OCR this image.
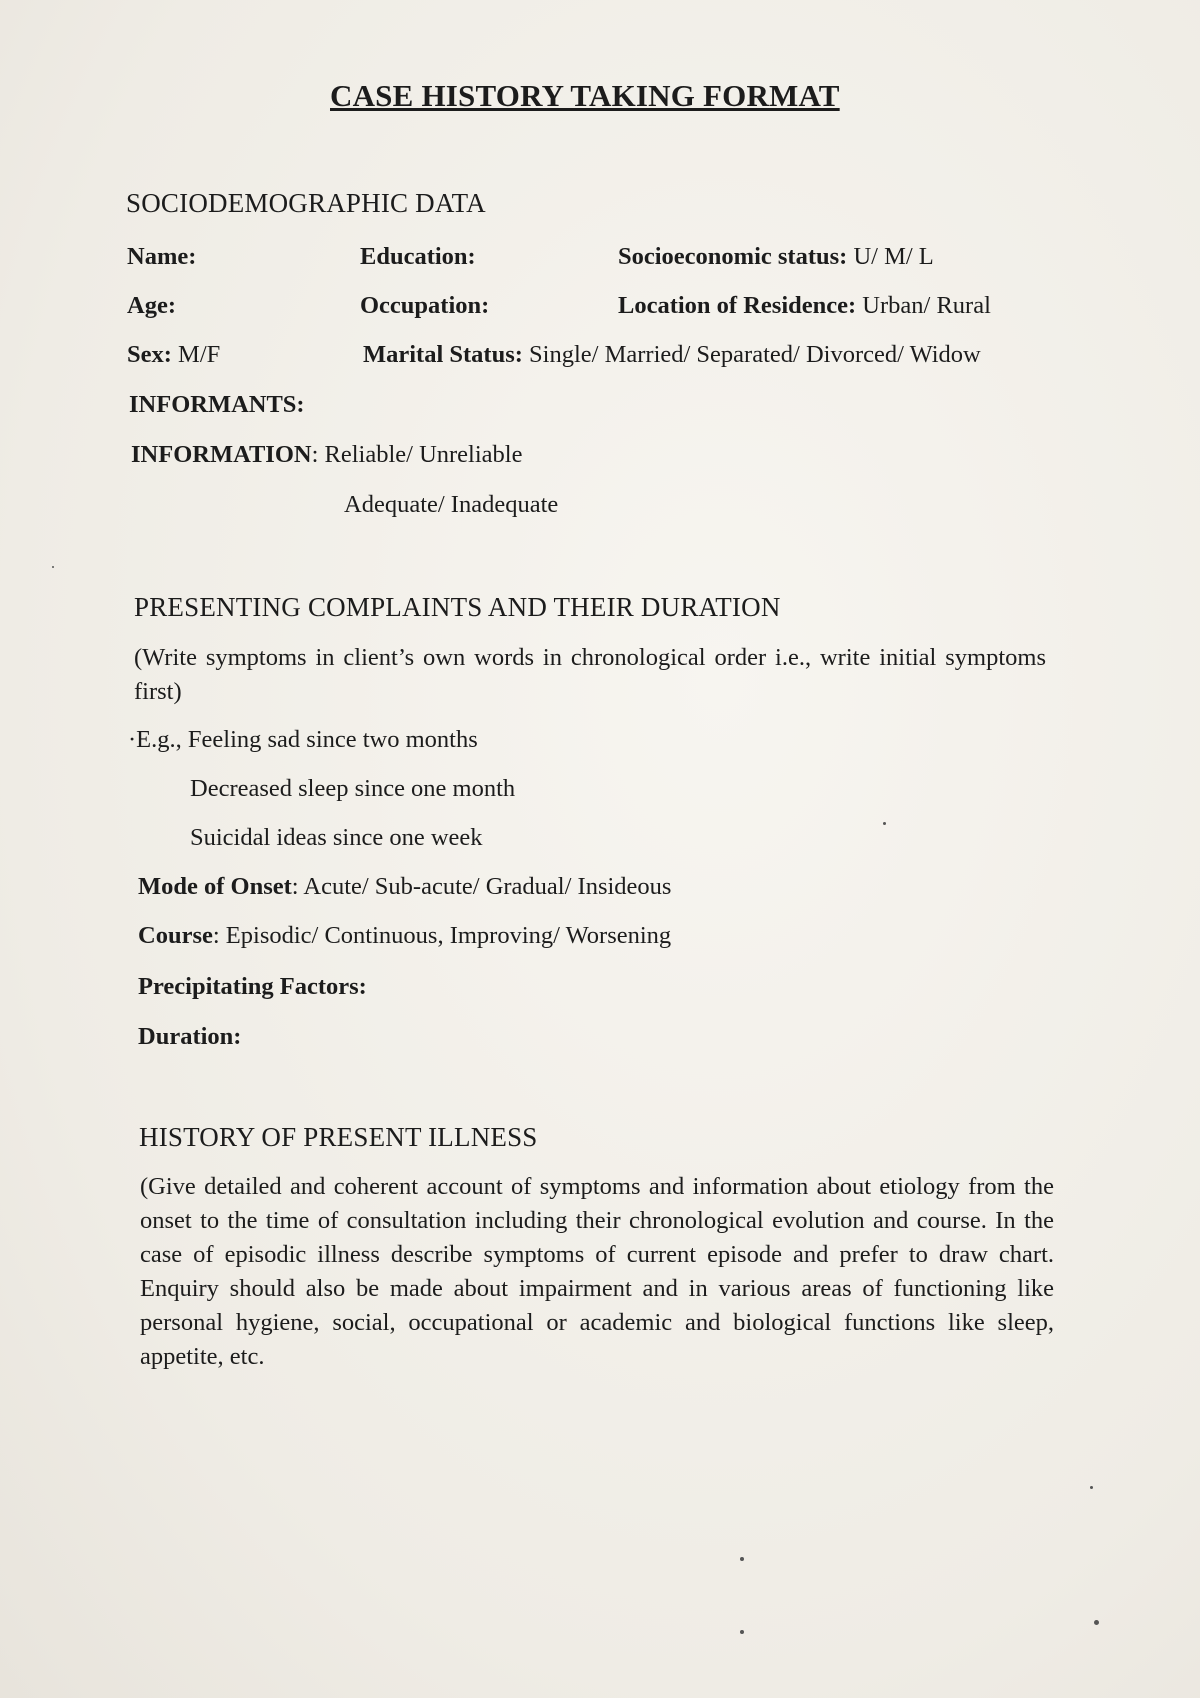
CASE HISTORY TAKING FORMAT
SOCIODEMOGRAPHIC DATA
Name:	Education:	Socioeconomic status: U/ M/ L
Age:	Occupation:	Location of Residence: Urban/ Rural
Sex: M/F	Marital Status: Single/ Married/ Separated/ Divorced/ Widow
INFORMANTS:
INFORMATION: Reliable/ Unreliable
Adequate/ Inadequate
PRESENTING COMPLAINTS AND THEIR DURATION
(Write symptoms in client’s own words in chronological order i.e., write initial symptoms first)
·E.g., Feeling sad since two months
Decreased sleep since one month
Suicidal ideas since one week
Mode of Onset: Acute/ Sub-acute/ Gradual/ Insideous
Course: Episodic/ Continuous, Improving/ Worsening
Precipitating Factors:
Duration:
HISTORY OF PRESENT ILLNESS
(Give detailed and coherent account of symptoms and information about etiology from the onset to the time of consultation including their chronological evolution and course. In the case of episodic illness describe symptoms of current episode and prefer to draw chart. Enquiry should also be made about impairment and in various areas of functioning like personal hygiene, social, occupational or academic and biological functions like sleep, appetite, etc.
